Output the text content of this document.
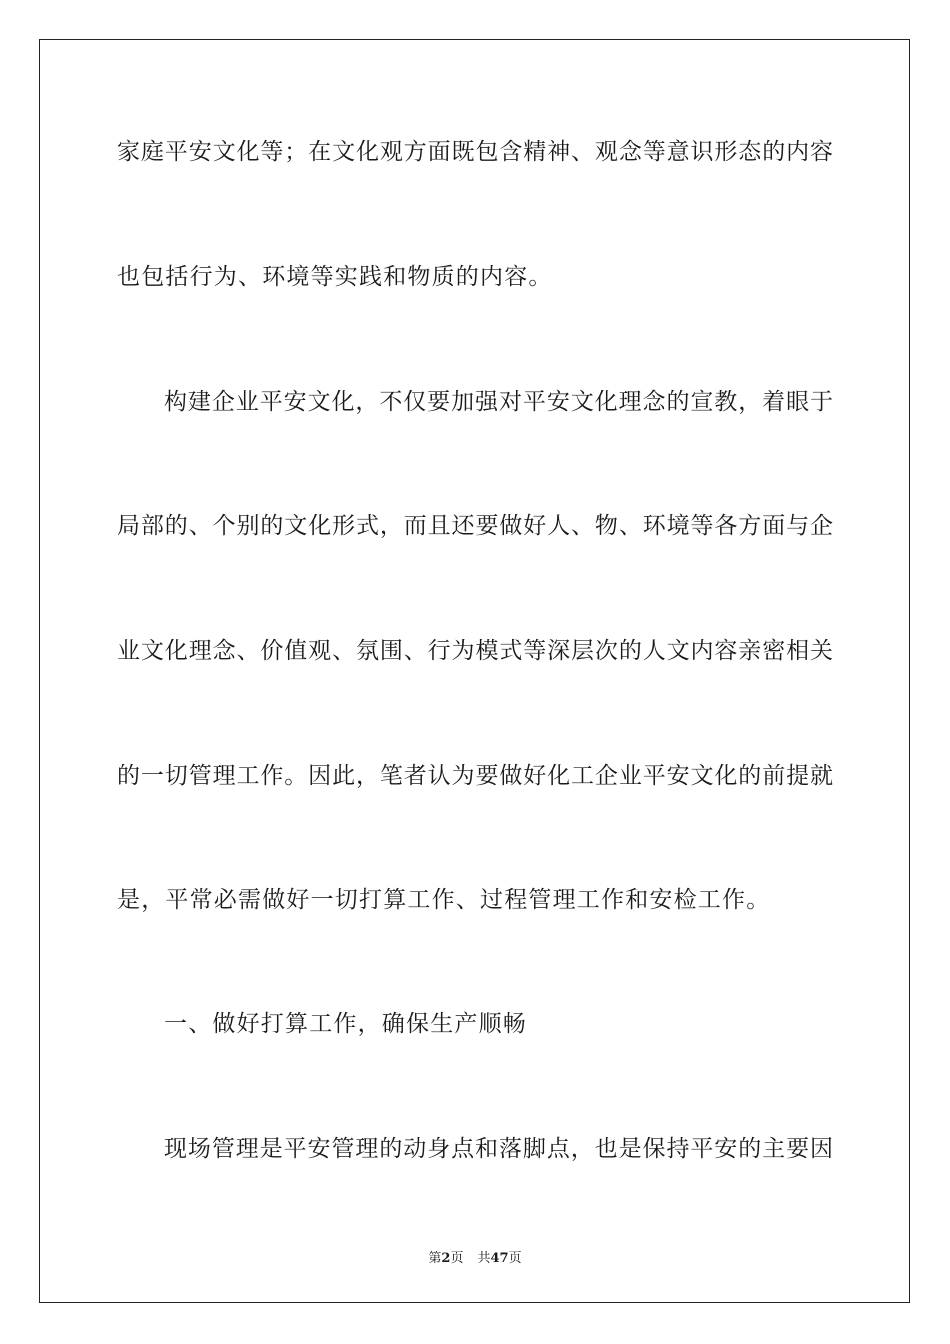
家庭平安文化等；在文化观方面既包含精神、观念等意识形态的内容
也包括行为、环境等实践和物质的内容。
构建企业平安文化，不仅要加强对平安文化理念的宣教，着眼于
局部的、个别的文化形式，而且还要做好人、物、环境等各方面与企
业文化理念、价值观、氛围、行为模式等深层次的人文内容亲密相关
的一切管理工作。因此，笔者认为要做好化工企业平安文化的前提就
是，平常必需做好一切打算工作、过程管理工作和安检工作。
一、做好打算工作，确保生产顺畅
现场管理是平安管理的动身点和落脚点，也是保持平安的主要因
第2页 共47页
